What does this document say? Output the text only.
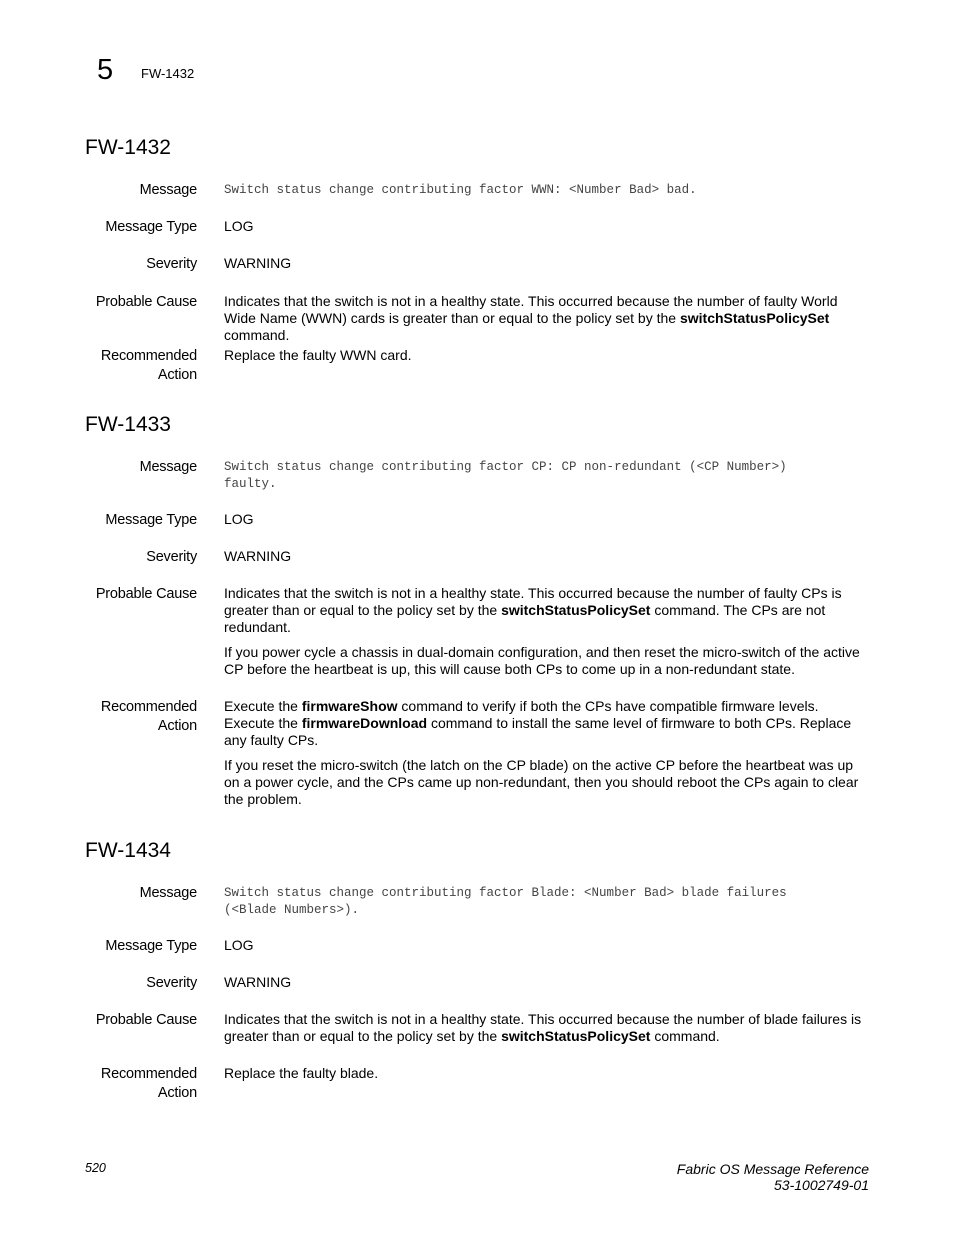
5 FW-1432
FW-1432
Message Switch status change contributing factor WWN: <Number Bad> bad.
Message Type LOG
Severity WARNING
Probable Cause Indicates that the switch is not in a healthy state. This occurred because the number of faulty World Wide Name (WWN) cards is greater than or equal to the policy set by the switchStatusPolicySet command.

Recommended
Action

Replace the faulty WWN card.

FW-1433
Message Switch status change contributing factor CP: CP non-redundant (<CP Number>)
faulty.
Message Type LOG
Severity WARNING
Probable Cause Indicates that the switch is not in a healthy state. This occurred because the number of faulty CPs is greater than or equal to the policy set by the switchStatusPolicySet command. The CPs are not redundant.

If you power cycle a chassis in dual-domain configuration, and then reset the micro-switch of the active CP before the heartbeat is up, this will cause both CPs to come up in a non-redundant state.

Recommended
Action

Execute the firmwareShow command to verify if both the CPs have compatible firmware levels. Execute the firmwareDownload command to install the same level of firmware to both CPs. Replace any faulty CPs.

If you reset the micro-switch (the latch on the CP blade) on the active CP before the heartbeat was up on a power cycle, and the CPs came up non-redundant, then you should reboot the CPs again to clear the problem.

FW-1434
Message Switch status change contributing factor Blade: <Number Bad> blade failures
(<Blade Numbers>).
Message Type LOG
Severity WARNING
Probable Cause Indicates that the switch is not in a healthy state. This occurred because the number of blade failures is greater than or equal to the policy set by the switchStatusPolicySet command.

Recommended
Action

Replace the faulty blade.

520	Fabric OS Message Reference
53-1002749-01
